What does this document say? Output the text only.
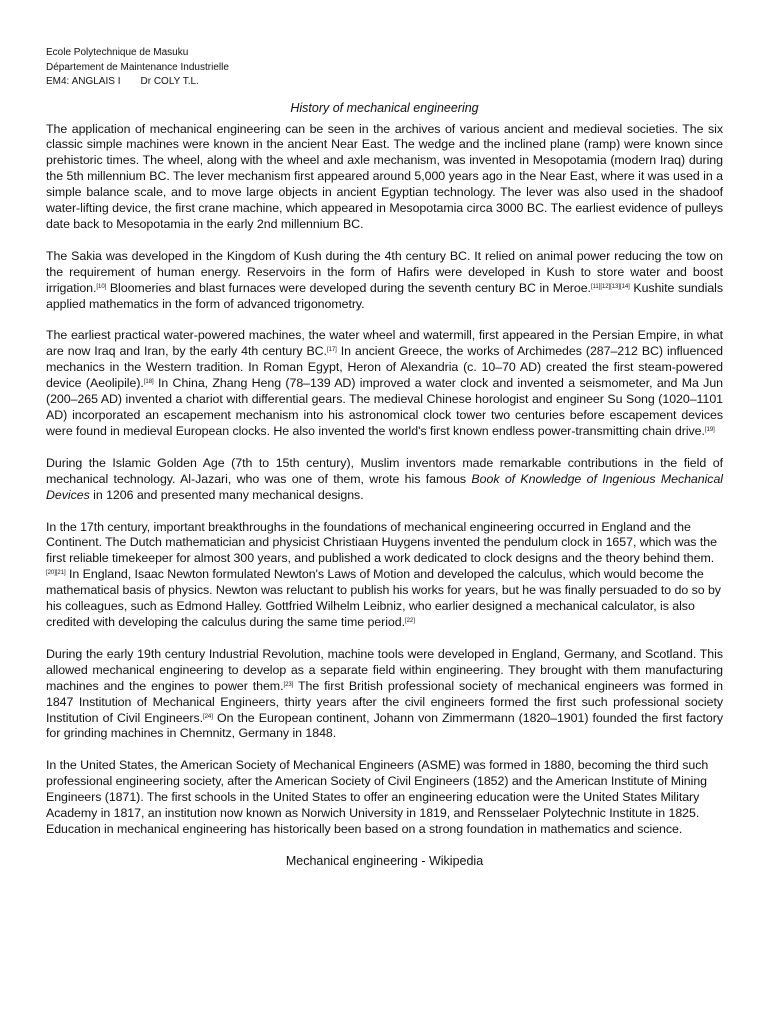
Ecole Polytechnique de Masuku
Département de Maintenance Industrielle
EM4: ANGLAIS I Dr COLY T.L.
History of mechanical engineering

The application of mechanical engineering can be seen in the archives of various ancient and medieval societies. The six classic simple machines were known in the ancient Near East. The wedge and the inclined plane (ramp) were known since prehistoric times. The wheel, along with the wheel and axle mechanism, was invented in Mesopotamia (modern Iraq) during the 5th millennium BC. The lever mechanism first appeared around 5,000 years ago in the Near East, where it was used in a simple balance scale, and to move large objects in ancient Egyptian technology. The lever was also used in the shadoof water-lifting device, the first crane machine, which appeared in Mesopotamia circa 3000 BC. The earliest evidence of pulleys date back to Mesopotamia in the early 2nd millennium BC.

The Sakia was developed in the Kingdom of Kush during the 4th century BC. It relied on animal power reducing the tow on the requirement of human energy. Reservoirs in the form of Hafirs were developed in Kush to store water and boost irrigation.[10] Bloomeries and blast furnaces were developed during the seventh century BC in Meroe.[11][12][13][14] Kushite sundials applied mathematics in the form of advanced trigonometry.

The earliest practical water-powered machines, the water wheel and watermill, first appeared in the Persian Empire, in what are now Iraq and Iran, by the early 4th century BC.[17] In ancient Greece, the works of Archimedes (287–212 BC) influenced mechanics in the Western tradition. In Roman Egypt, Heron of Alexandria (c. 10–70 AD) created the first steam-powered device (Aeolipile).[18] In China, Zhang Heng (78–139 AD) improved a water clock and invented a seismometer, and Ma Jun (200–265 AD) invented a chariot with differential gears. The medieval Chinese horologist and engineer Su Song (1020–1101 AD) incorporated an escapement mechanism into his astronomical clock tower two centuries before escapement devices were found in medieval European clocks. He also invented the world's first known endless power-transmitting chain drive.[19]

During the Islamic Golden Age (7th to 15th century), Muslim inventors made remarkable contributions in the field of mechanical technology. Al-Jazari, who was one of them, wrote his famous Book of Knowledge of Ingenious Mechanical Devices in 1206 and presented many mechanical designs.

In the 17th century, important breakthroughs in the foundations of mechanical engineering occurred in England and the Continent. The Dutch mathematician and physicist Christiaan Huygens invented the pendulum clock in 1657, which was the first reliable timekeeper for almost 300 years, and published a work dedicated to clock designs and the theory behind them.[20][21] In England, Isaac Newton formulated Newton's Laws of Motion and developed the calculus, which would become the mathematical basis of physics. Newton was reluctant to publish his works for years, but he was finally persuaded to do so by his colleagues, such as Edmond Halley. Gottfried Wilhelm Leibniz, who earlier designed a mechanical calculator, is also credited with developing the calculus during the same time period.[22]

During the early 19th century Industrial Revolution, machine tools were developed in England, Germany, and Scotland. This allowed mechanical engineering to develop as a separate field within engineering. They brought with them manufacturing machines and the engines to power them.[23] The first British professional society of mechanical engineers was formed in 1847 Institution of Mechanical Engineers, thirty years after the civil engineers formed the first such professional society Institution of Civil Engineers.[24] On the European continent, Johann von Zimmermann (1820–1901) founded the first factory for grinding machines in Chemnitz, Germany in 1848.

In the United States, the American Society of Mechanical Engineers (ASME) was formed in 1880, becoming the third such professional engineering society, after the American Society of Civil Engineers (1852) and the American Institute of Mining Engineers (1871). The first schools in the United States to offer an engineering education were the United States Military Academy in 1817, an institution now known as Norwich University in 1819, and Rensselaer Polytechnic Institute in 1825. Education in mechanical engineering has historically been based on a strong foundation in mathematics and science.

Mechanical engineering - Wikipedia
